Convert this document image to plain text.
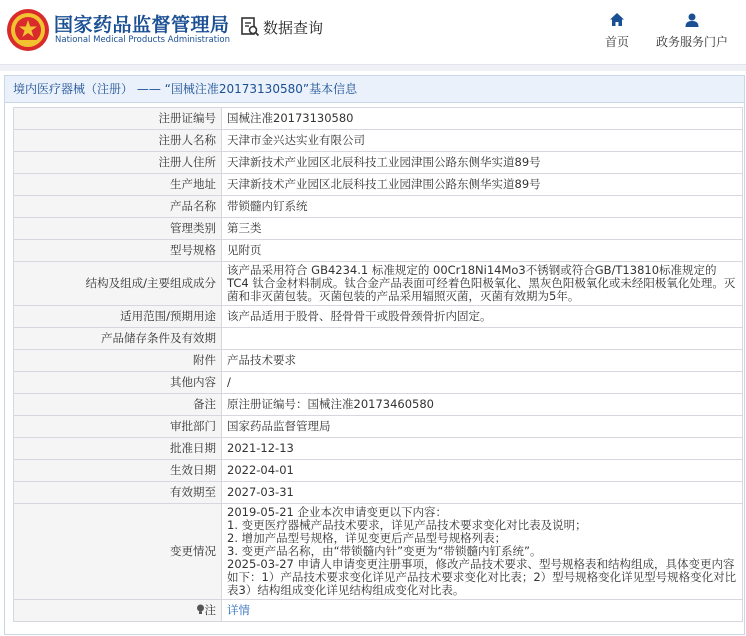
国家药品监督管理局
National Medical Products Administration
数据查询
首页	政务服务门户
境内医疗器械（注册） —— “国械注准20173130580”基本信息
注册证编号	国械注准20173130580
注册人名称	天津市金兴达实业有限公司
注册人住所	天津新技术产业园区北辰科技工业园津围公路东侧华实道89号
生产地址	天津新技术产业园区北辰科技工业园津围公路东侧华实道89号
产品名称	带锁髓内钉系统
管理类别	第三类
型号规格	见附页
结构及组成/主要组成成分	该产品采用符合 GB4234.1 标准规定的 00Cr18Ni14Mo3不锈钢或符合GB/T13810标准规定的 TC4 钛合金材料制成。钛合金产品表面可经着色阳极氧化、黑灰色阳极氧化或未经阳极氧化处理。灭菌和非灭菌包装。灭菌包装的产品采用辐照灭菌，灭菌有效期为5年。
适用范围/预期用途	该产品适用于股骨、胫骨骨干或股骨颈骨折内固定。
产品储存条件及有效期	
附件	产品技术要求
其他内容	/
备注	原注册证编号：国械注准20173460580
审批部门	国家药品监督管理局
批准日期	2021-12-13
生效日期	2022-04-01
有效期至	2027-03-31
变更情况	2019-05-21 企业本次申请变更以下内容：
1. 变更医疗器械产品技术要求，详见产品技术要求变化对比表及说明；
2. 增加产品型号规格，详见变更后产品型号规格列表；
3. 变更产品名称，由“带锁髓内针”变更为“带锁髓内钉系统”。
2025-03-27 申请人申请变更注册事项，修改产品技术要求、型号规格表和结构组成，具体变更内容如下：1）产品技术要求变化详见产品技术要求变化对比表；2）型号规格变化详见型号规格变化对比表3）结构组成变化详见结构组成变化对比表。
注	详情
